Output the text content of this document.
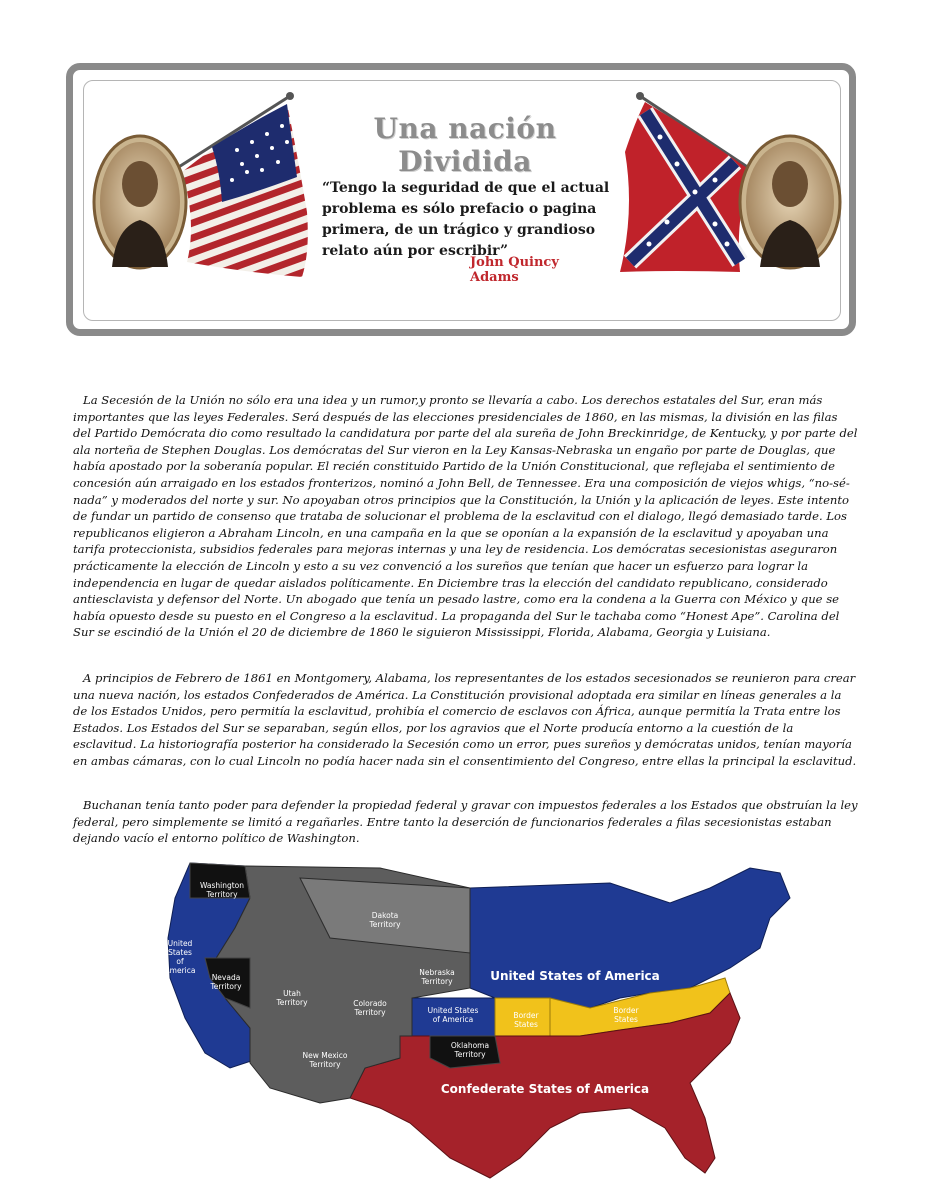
Una nación Dividida
“Tengo la seguridad de que el actual problema es sólo prefacio o pagina primera, de un trágico y grandioso relato aún por escribir”
John Quincy Adams

La Secesión de la Unión no sólo era una idea y un rumor,y pronto se llevaría a cabo. Los derechos estatales del Sur, eran más importantes que las leyes Federales. Será después de las elecciones presidenciales de 1860, en las mismas, la división en las filas del Partido Demócrata dio como resultado la candidatura por parte del ala sureña de John Breckinridge, de Kentucky, y por parte del ala norteña de Stephen Douglas. Los demócratas del Sur vieron en la Ley Kansas-Nebraska un engaño por parte de Douglas, que había apostado por la soberanía popular. El recién constituido Partido de la Unión Constitucional, que reflejaba el sentimiento de concesión aún arraigado en los estados fronterizos, nominó a John Bell, de Tennessee. Era una composición de viejos whigs, “no-sé-nada” y moderados del norte y sur. No apoyaban otros principios que la Constitución, la Unión y la aplicación de leyes. Este intento de fundar un partido de consenso que trataba de solucionar el problema de la esclavitud con el dialogo, llegó demasiado tarde. Los republicanos eligieron a Abraham Lincoln, en una campaña en la que se oponían a la expansión de la esclavitud y apoyaban una tarifa proteccionista, subsidios federales para mejoras internas y una ley de residencia. Los demócratas secesionistas aseguraron prácticamente la elección de Lincoln y esto a su vez convenció a los sureños que tenían que hacer un esfuerzo para lograr la independencia en lugar de quedar aislados políticamente. En Diciembre tras la elección del candidato republicano, considerado antiesclavista y defensor del Norte. Un abogado que tenía un pesado lastre, como era la condena a la Guerra con México y que se había opuesto desde su puesto en el Congreso a la esclavitud. La propaganda del Sur le tachaba como “Honest Ape”. Carolina del Sur se escindió de la Unión el 20 de diciembre de 1860 le siguieron Mississippi, Florida, Alabama, Georgia y Luisiana.

A principios de Febrero de 1861 en Montgomery, Alabama, los representantes de los estados secesionados se reunieron para crear una nueva nación, los estados Confederados de América. La Constitución provisional adoptada era similar en líneas generales a la de los Estados Unidos, pero permitía la esclavitud, prohibía el comercio de esclavos con África, aunque permitía la Trata entre los Estados. Los Estados del Sur se separaban, según ellos, por los agravios que el Norte producía entorno a la cuestión de la esclavitud. La historiografía posterior ha considerado la Secesión como un error, pues sureños y demócratas unidos, tenían mayoría en ambas cámaras, con lo cual Lincoln no podía hacer nada sin el consentimiento del Congreso, entre ellas la principal la esclavitud.

Buchanan tenía tanto poder para defender la propiedad federal y gravar con impuestos federales a los Estados que obstruían la ley federal, pero simplemente se limitó a regañarles. Entre tanto la deserción de funcionarios federales a filas secesionistas estaban dejando vacío el entorno político de Washington.

Washington Territory
Dakota Territory
Nebraska Territory
Nevada Territory
Utah Territory	Colorado Territory
New Mexico Territory
Oklahoma Territory
United States of America
United States of America	Border States
Border States
United States of America
Confederate States of America
